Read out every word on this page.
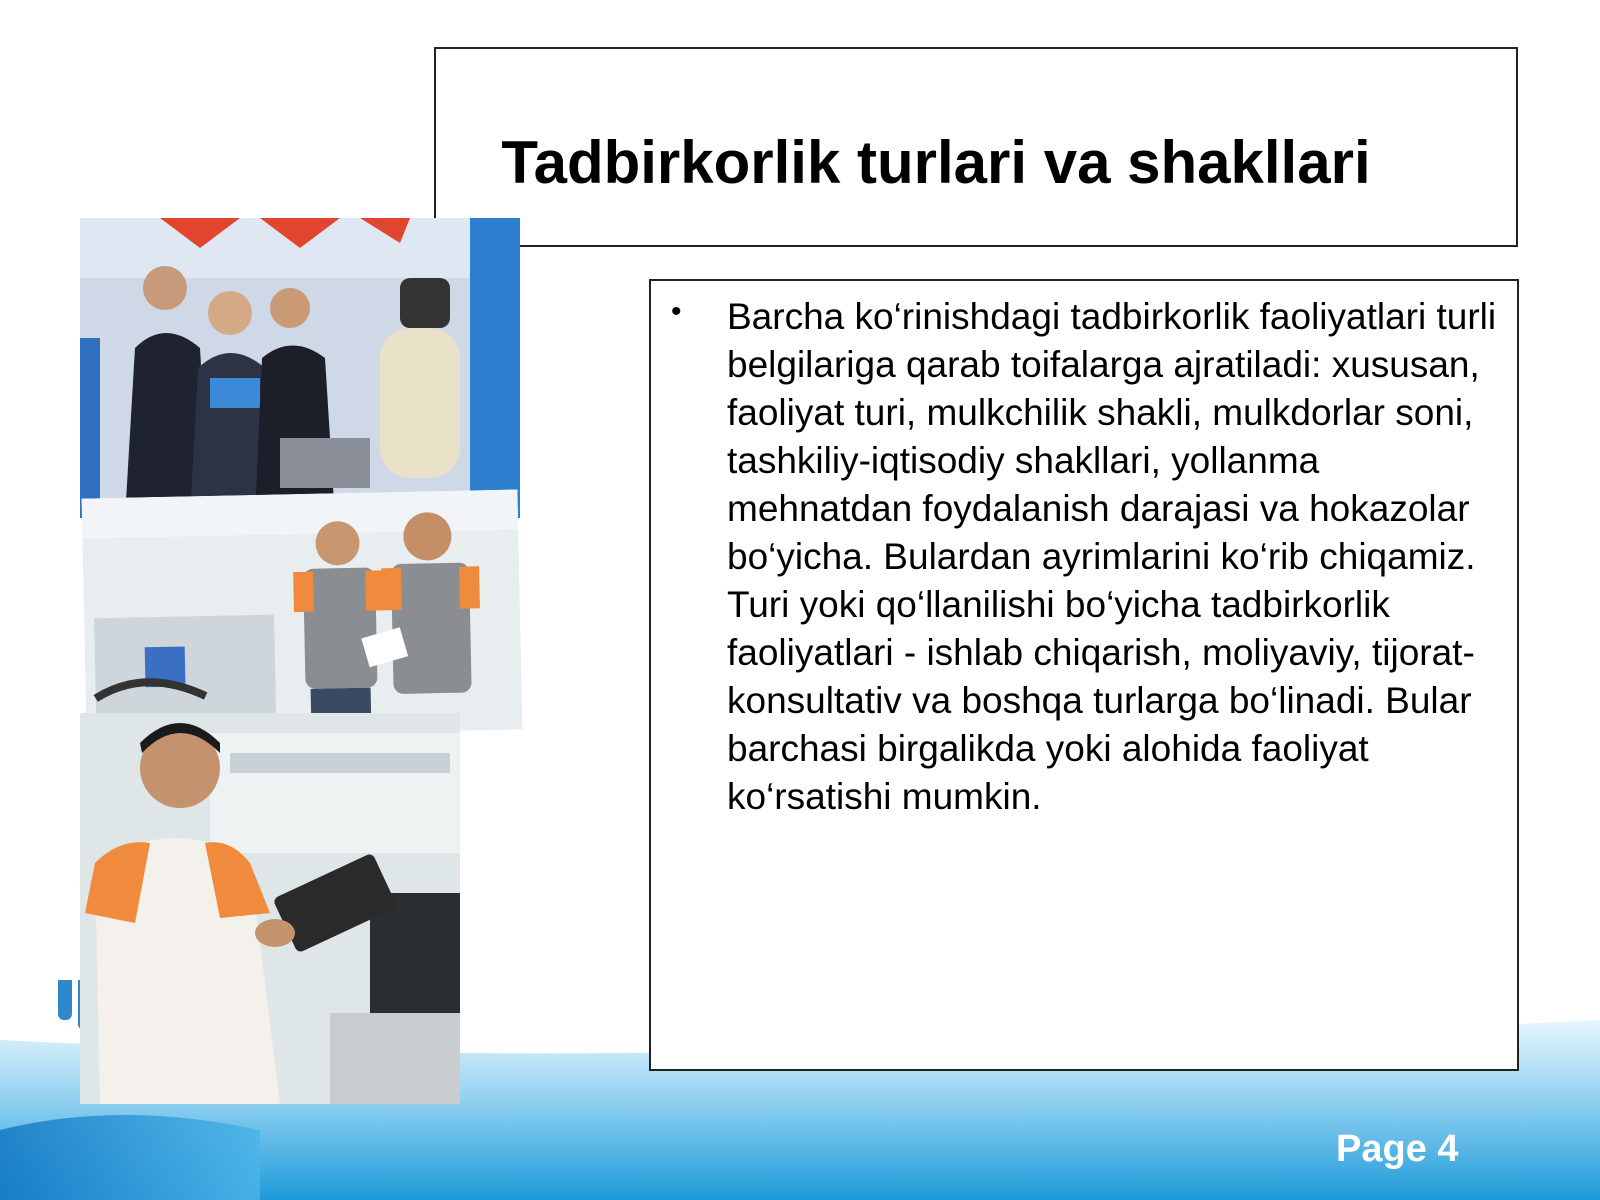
Tadbirkorlik turlari va shakllari
• Barcha ko‘rinishdagi tadbirkorlik faoliyatlari turli belgilariga qarab toifalarga ajratiladi: xususan, faoliyat turi, mulkchilik shakli, mulkdorlar soni, tashkiliy-iqtisodiy shakllari, yollanma mehnatdan foydalanish darajasi va hokazolar bo‘yicha. Bulardan ayrimlarini ko‘rib chiqamiz. Turi yoki qo‘llanilishi bo‘yicha tadbirkorlik faoliyatlari - ishlab chiqarish, moliyaviy, tijorat-konsultativ va boshqa turlarga bo‘linadi. Bular barchasi birgalikda yoki alohida faoliyat ko‘rsatishi mumkin.
Page 4
